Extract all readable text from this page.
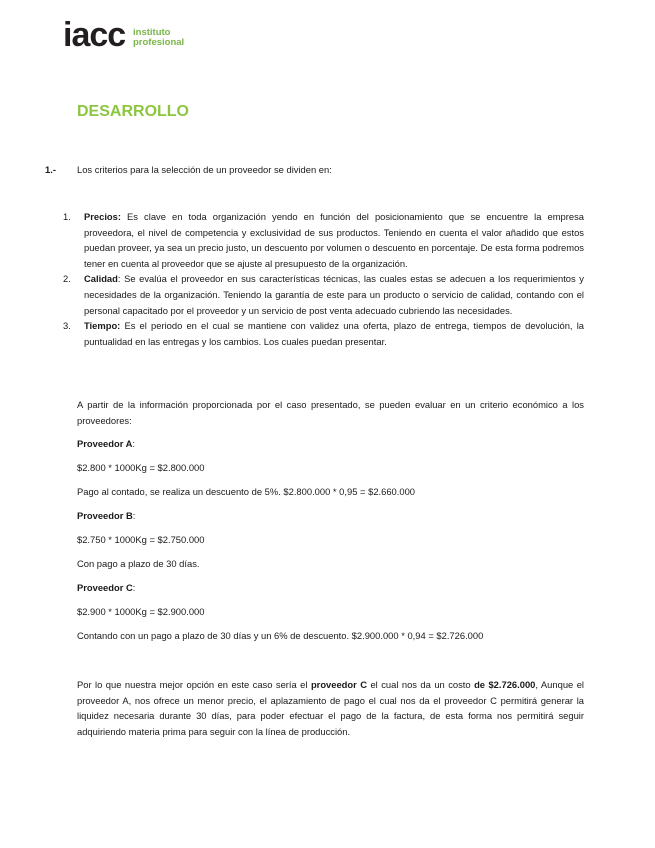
iacc instituto
profesional
DESARROLLO
1.- Los criterios para la selección de un proveedor se dividen en:
1. Precios: Es clave en toda organización yendo en función del posicionamiento que se encuentre la empresa proveedora, el nivel de competencia y exclusividad de sus productos. Teniendo en cuenta el valor añadido que estos puedan proveer, ya sea un precio justo, un descuento por volumen o descuento en porcentaje. De esta forma podremos tener en cuenta al proveedor que se ajuste al presupuesto de la organización.
2. Calidad: Se evalúa el proveedor en sus características técnicas, las cuales estas se adecuen a los requerimientos y necesidades de la organización. Teniendo la garantía de este para un producto o servicio de calidad, contando con el personal capacitado por el proveedor y un servicio de post venta adecuado cubriendo las necesidades.
3. Tiempo: Es el periodo en el cual se mantiene con validez una oferta, plazo de entrega, tiempos de devolución, la puntualidad en las entregas y los cambios. Los cuales puedan presentar.
A partir de la información proporcionada por el caso presentado, se pueden evaluar en un criterio económico a los proveedores:
Proveedor A:
$2.800 * 1000Kg = $2.800.000
Pago al contado, se realiza un descuento de 5%. $2.800.000 * 0,95 = $2.660.000
Proveedor B:
$2.750 * 1000Kg = $2.750.000
Con pago a plazo de 30 días.
Proveedor C:
$2.900 * 1000Kg = $2.900.000
Contando con un pago a plazo de 30 días y un 6% de descuento. $2.900.000 * 0,94 = $2.726.000
Por lo que nuestra mejor opción en este caso sería el proveedor C el cual nos da un costo de $2.726.000, Aunque el proveedor A, nos ofrece un menor precio, el aplazamiento de pago el cual nos da el proveedor C permitirá generar la liquidez necesaria durante 30 días, para poder efectuar el pago de la factura, de esta forma nos permitirá seguir adquiriendo materia prima para seguir con la línea de producción.
